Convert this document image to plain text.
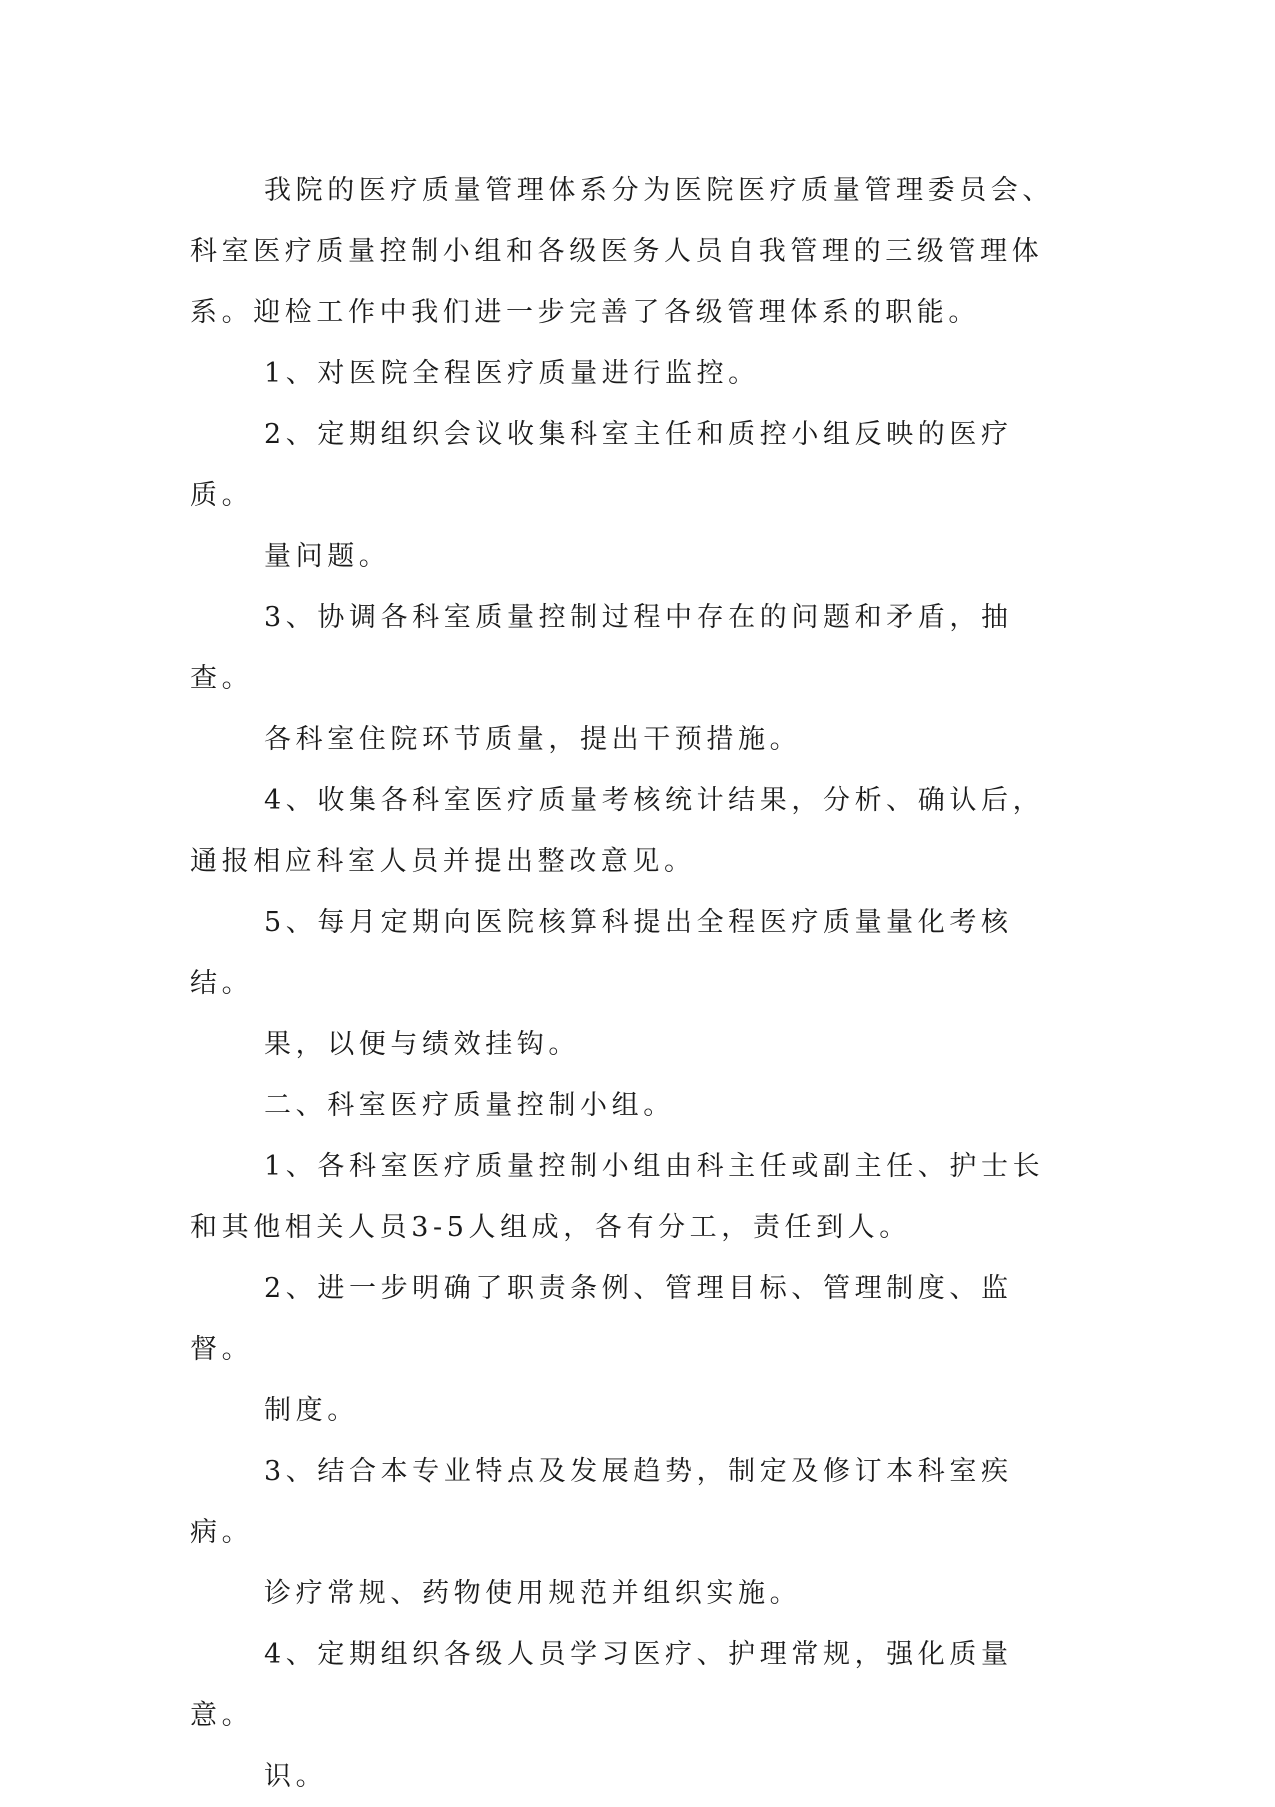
我院的医疗质量管理体系分为医院医疗质量管理委员会、科室医疗质量控制小组和各级医务人员自我管理的三级管理体系。迎检工作中我们进一步完善了各级管理体系的职能。

1、对医院全程医疗质量进行监控。

2、定期组织会议收集科室主任和质控小组反映的医疗质。

量问题。

3、协调各科室质量控制过程中存在的问题和矛盾，抽查。

各科室住院环节质量，提出干预措施。

4、收集各科室医疗质量考核统计结果，分析、确认后，通报相应科室人员并提出整改意见。

5、每月定期向医院核算科提出全程医疗质量量化考核结。

果，以便与绩效挂钩。

二、科室医疗质量控制小组。

1、各科室医疗质量控制小组由科主任或副主任、护士长和其他相关人员3-5人组成，各有分工，责任到人。

2、进一步明确了职责条例、管理目标、管理制度、监督。

制度。

3、结合本专业特点及发展趋势，制定及修订本科室疾病。

诊疗常规、药物使用规范并组织实施。

4、定期组织各级人员学习医疗、护理常规，强化质量意。

识。
